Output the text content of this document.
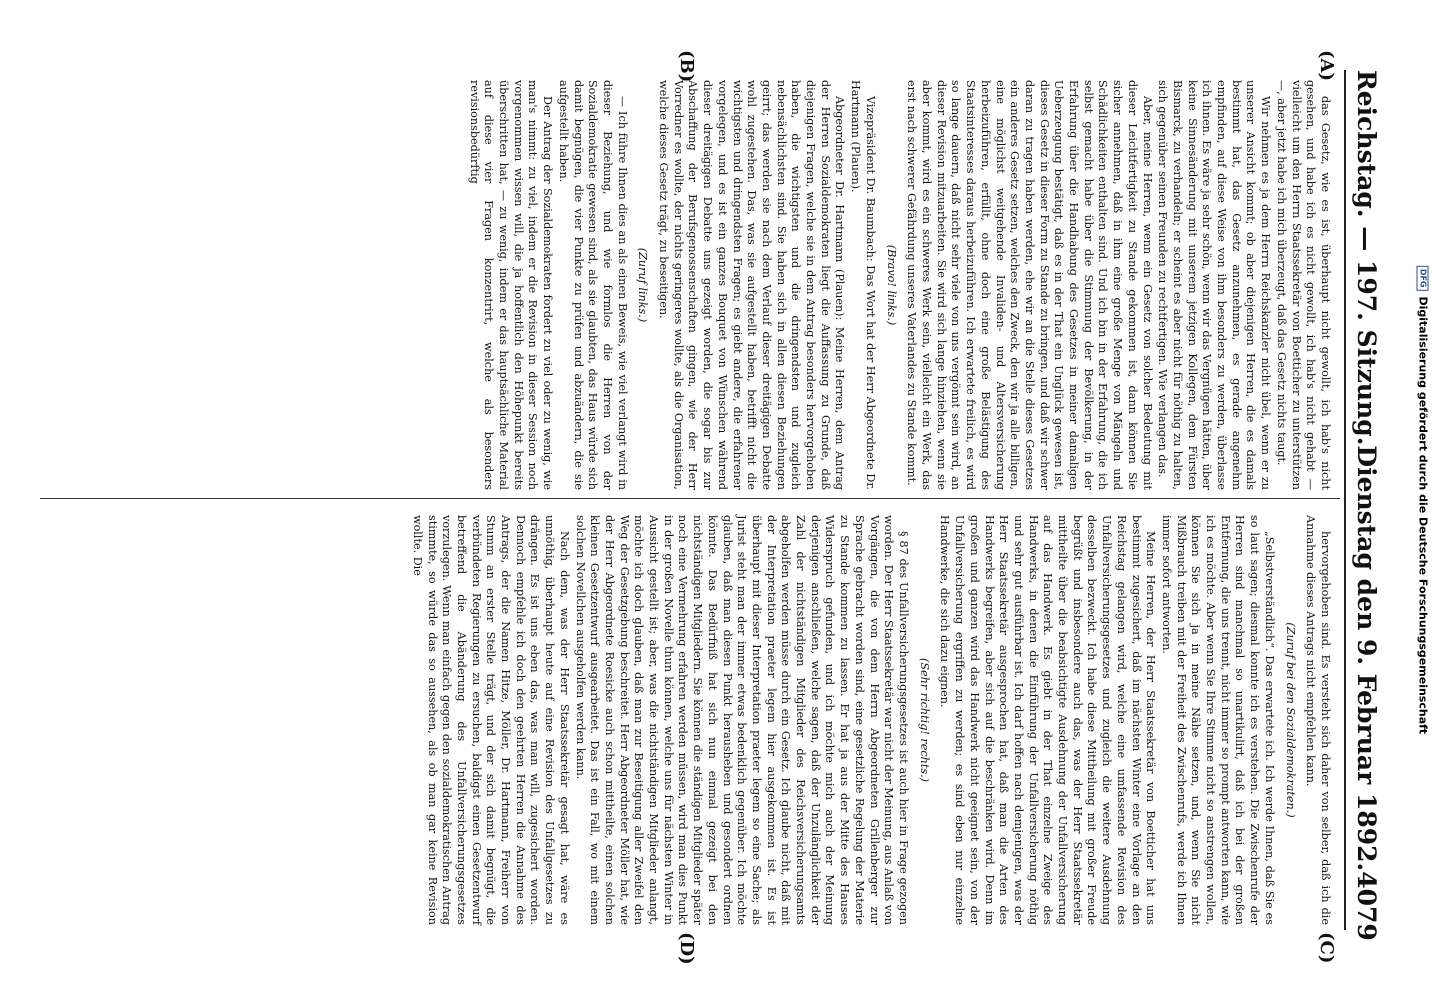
Reichstag. — 197. Sitzung.
Dienstag den 9. Februar 1892.
4079
(A)
(B)
(C)
(D)

das Gesetz, wie es ist, überhaupt nicht gewollt, ich hab's nicht gesehen, und habe ich es nicht gewollt, ich hab's nicht gehabt — vielleicht um den Herrn Staatssekretär von Boetticher zu unterstützen —, aber jetzt habe ich mich überzeugt, daß das Gesetz nichts taugt.

Wir nehmen es ja dem Herrn Reichskanzler nicht übel, wenn er zu unserer Ansicht kommt; ob aber diejenigen Herren, die es damals bestimmt hat, das Gesetz anzunehmen, es gerade angenehm empfinden, auf diese Weise von ihm besonders zu werden, überlasse ich ihnen. Es wäre ja sehr schön, wenn wir das Vergnügen hätten, über keine Sinnesänderung mit unserem jetzigen Kollegen, dem Fürsten Bismarck, zu verhandeln; er scheint es aber nicht für nöthig zu halten, sich gegenüber seinen Freunden zu rechtfertigen. Wie verlangen das.

Aber, meine Herren, wenn ein Gesetz von solcher Bedeutung mit dieser Leichtfertigkeit zu Stande gekommen ist, dann können Sie sicher annehmen, daß in ihm eine große Menge von Mängeln und Schädlichkeiten enthalten sind. Und ich bin in der Erfahrung, die ich selbst gemacht habe über die Stimmung der Bevölkerung, in der Erfahrung über die Handhabung des Gesetzes in meiner damaligen Ueberzeugung bestätigt, daß es in der That ein Unglück gewesen ist, dieses Gesetz in dieser Form zu Stande zu bringen, und daß wir schwer daran zu tragen haben werden, ehe wir an die Stelle dieses Gesetzes ein anderes Gesetz setzen, welches den Zweck, den wir ja alle billigen, eine möglichst weitgehende Invaliden- und Altersversicherung herbeizuführen, erfüllt, ohne doch eine große Belästigung des Staatsinteresses daraus herbeizuführen. Ich erwartete freilich, es wird so lange dauern, daß nicht sehr viele von uns vergönnt sein wird, an dieser Revision mitzuarbeiten. Sie wird sich lange hinziehen, wenn sie aber kommt, wird es ein schweres Werk sein, vielleicht ein Werk, das erst nach schwerer Gefährdung unseres Vaterlandes zu Stande kommt.

(Bravo! links.)

Vizepräsident Dr. Baumbach: Das Wort hat der Herr Abgeordnete Dr. Hartmann (Plauen).

Abgeordneter Dr. Hartmann (Plauen): Meine Herren, dem Antrag der Herren Sozialdemokraten liegt die Auffassung zu Grunde, daß diejenigen Fragen, welche sie in dem Antrag besonders hervorgehoben haben, die wichtigsten und die dringendsten und zugleich nebensächlichsten sind. Sie haben sich in allen diesen Beziehungen geirrt; das werden sie nach dem Verlauf dieser dreitägigen Debatte wohl zugestehen. Das, was sie aufgestellt haben, betrifft nicht die wichtigsten und dringendsten Fragen; es giebt andere, die erfahrener vorgelegen, und es ist ein ganzes Bouquet von Wünschen während dieser dreitägigen Debatte uns gezeigt worden, die sogar bis zur Abschaffung der Berufsgenossenschaften gingen, wie der Herr Vorredner es wollte, der nichts geringeres wollte, als die Organisation, welche dieses Gesetz trägt, zu beseitigen.

(Zuruf links.)

— Ich führe Ihnen dies an als einen Beweis, wie viel verlangt wird in dieser Beziehung, und wie formlos die Herren von der Sozialdemokratie gewesen sind, als sie glaubten, das Haus würde sich damit begnügen, die vier Punkte zu prüfen und abzuändern, die sie aufgestellt haben.

Der Antrag der Sozialdemokraten fordert zu viel oder zu wenig, wie man's nimmt: zu viel, indem er die Revision in dieser Session noch vorgenommen wissen will, die ja hoffentlich den Höhepunkt bereits überschritten hat, — zu wenig, indem er das hauptsächliche Material auf diese vier Fragen konzentrirt, welche als besonders revisionsbedürftig

hervorgehoben sind. Es versteht sich daher von selber, daß ich die Annahme dieses Antrags nicht empfehlen kann.

(Zuruf bei den Sozialdemokraten.)

„Selbstverständlich“. Das erwartete ich. Ich werde Ihnen, daß Sie es so laut sagen; diesmal konnte ich es verstehen. Die Zwischenrufe der Herren sind manchmal so unartikulirt, daß ich bei der großen Entfernung, die uns trennt, nicht immer so prompt antworten kann, wie ich es möchte. Aber wenn Sie Ihre Stimme nicht so anstrengen wollen, können Sie sich ja in meine Nähe setzen, und, wenn Sie nicht Mißbrauch treiben mit der Freiheit des Zwischenrufs, werde ich Ihnen immer sofort antworten.

Meine Herren, der Herr Staatssekretär von Boetticher hat uns bestimmt zugesichert, daß im nächsten Winter eine Vorlage an den Reichstag gelangen wird, welche eine umfassende Revision des Unfallversicherungsgesetzes und zugleich die weitere Ausdehnung desselben bezweckt. Ich habe diese Mittheilung mit großer Freude begrüßt und insbesondere auch das, was der Herr Staatssekretär mittheilte über die beabsichtigte Ausdehnung der Unfallversicherung auf das Handwerk. Es giebt in der That einzelne Zweige des Handwerks, in denen die Einführung der Unfallversicherung nöthig und sehr gut ausführbar ist. Ich darf hoffen nach demjenigen, was der Herr Staatssekretär ausgesprochen hat, daß man die Arten des Handwerks begreifen, aber sich auf die beschränken wird. Denn im großen und ganzen wird das Handwerk nicht geeignet sein, von der Unfallversicherung ergriffen zu werden; es sind eben nur einzelne Handwerke, die sich dazu eignen.

(Sehr richtig! rechts.)

§ 87 des Unfallversicherungsgesetzes ist auch hier in Frage gezogen worden. Der Herr Staatssekretär war nicht der Meinung, aus Anlaß von Vorgängen, die von dem Herrn Abgeordneten Grillenberger zur Sprache gebracht worden sind, eine gesetzliche Regelung der Materie zu Stande kommen zu lassen. Er hat ja aus der Mitte des Hauses Widerspruch gefunden, und ich möchte mich auch der Meinung derjenigen anschließen, welche sagen, daß der Unzulänglichkeit der Zahl der nichtständigen Mitglieder des Reichsversicherungsamts abgeholfen werden müsse durch ein Gesetz. Ich glaube nicht, daß mit der Interpretation praeter legem hier ausgekommen ist. Es ist überhaupt mit dieser Interpretation praeter legem so eine Sache; als Jurist steht man der immer etwas bedenklich gegenüber. Ich möchte glauben, daß man diesen Punkt herausheben und gesondert ordnen könnte. Das Bedürfniß hat sich nun einmal gezeigt bei den nichtständigen Mitgliedern. Sie können die ständigen Mitglieder später noch eine Vermehrung erfahren werden müssen, wird man dies Punkt in der großen Novelle thun können, welche uns für nächsten Winter in Aussicht gestellt ist; aber, was die nichtständigen Mitglieder anlangt, möchte ich doch glauben, daß man zur Beseitigung aller Zweifel den Weg der Gesetzgebung beschreitet. Herr Abgeordneter Möller hat, wie der Herr Abgeordnete Roesicke auch schon mittheilte, einen solchen kleinen Gesetzentwurf ausgearbeitet. Das ist ein Fall, wo mit einem solchen Novellchen ausgeholfen werden kann.

Nach dem, was der Herr Staatssekretär gesagt hat, wäre es unnöthig, überhaupt heute auf eine Revision des Unfallgesetzes zu drängen. Es ist uns eben das, was man will, zugesichert worden. Dennoch empfehle ich doch den geehrten Herren die Annahme des Antrags, der die Namen Hitze, Möller, Dr. Hartmann, Freiherr von Stumm an erster Stelle trägt, und der sich damit begnügt, die verbündeten Regierungen zu ersuchen, baldigst einen Gesetzentwurf betreffend die Abänderung des Unfallversicherungsgesetzes vorzulegen. Wenn man einfach gegen den sozialdemokratischen Antrag stimmte, so würde das so aussehen, als ob man gar keine Revision wollte. Die

DFG
Digitalisierung gefördert durch die Deutsche Forschungsgemeinschaft
